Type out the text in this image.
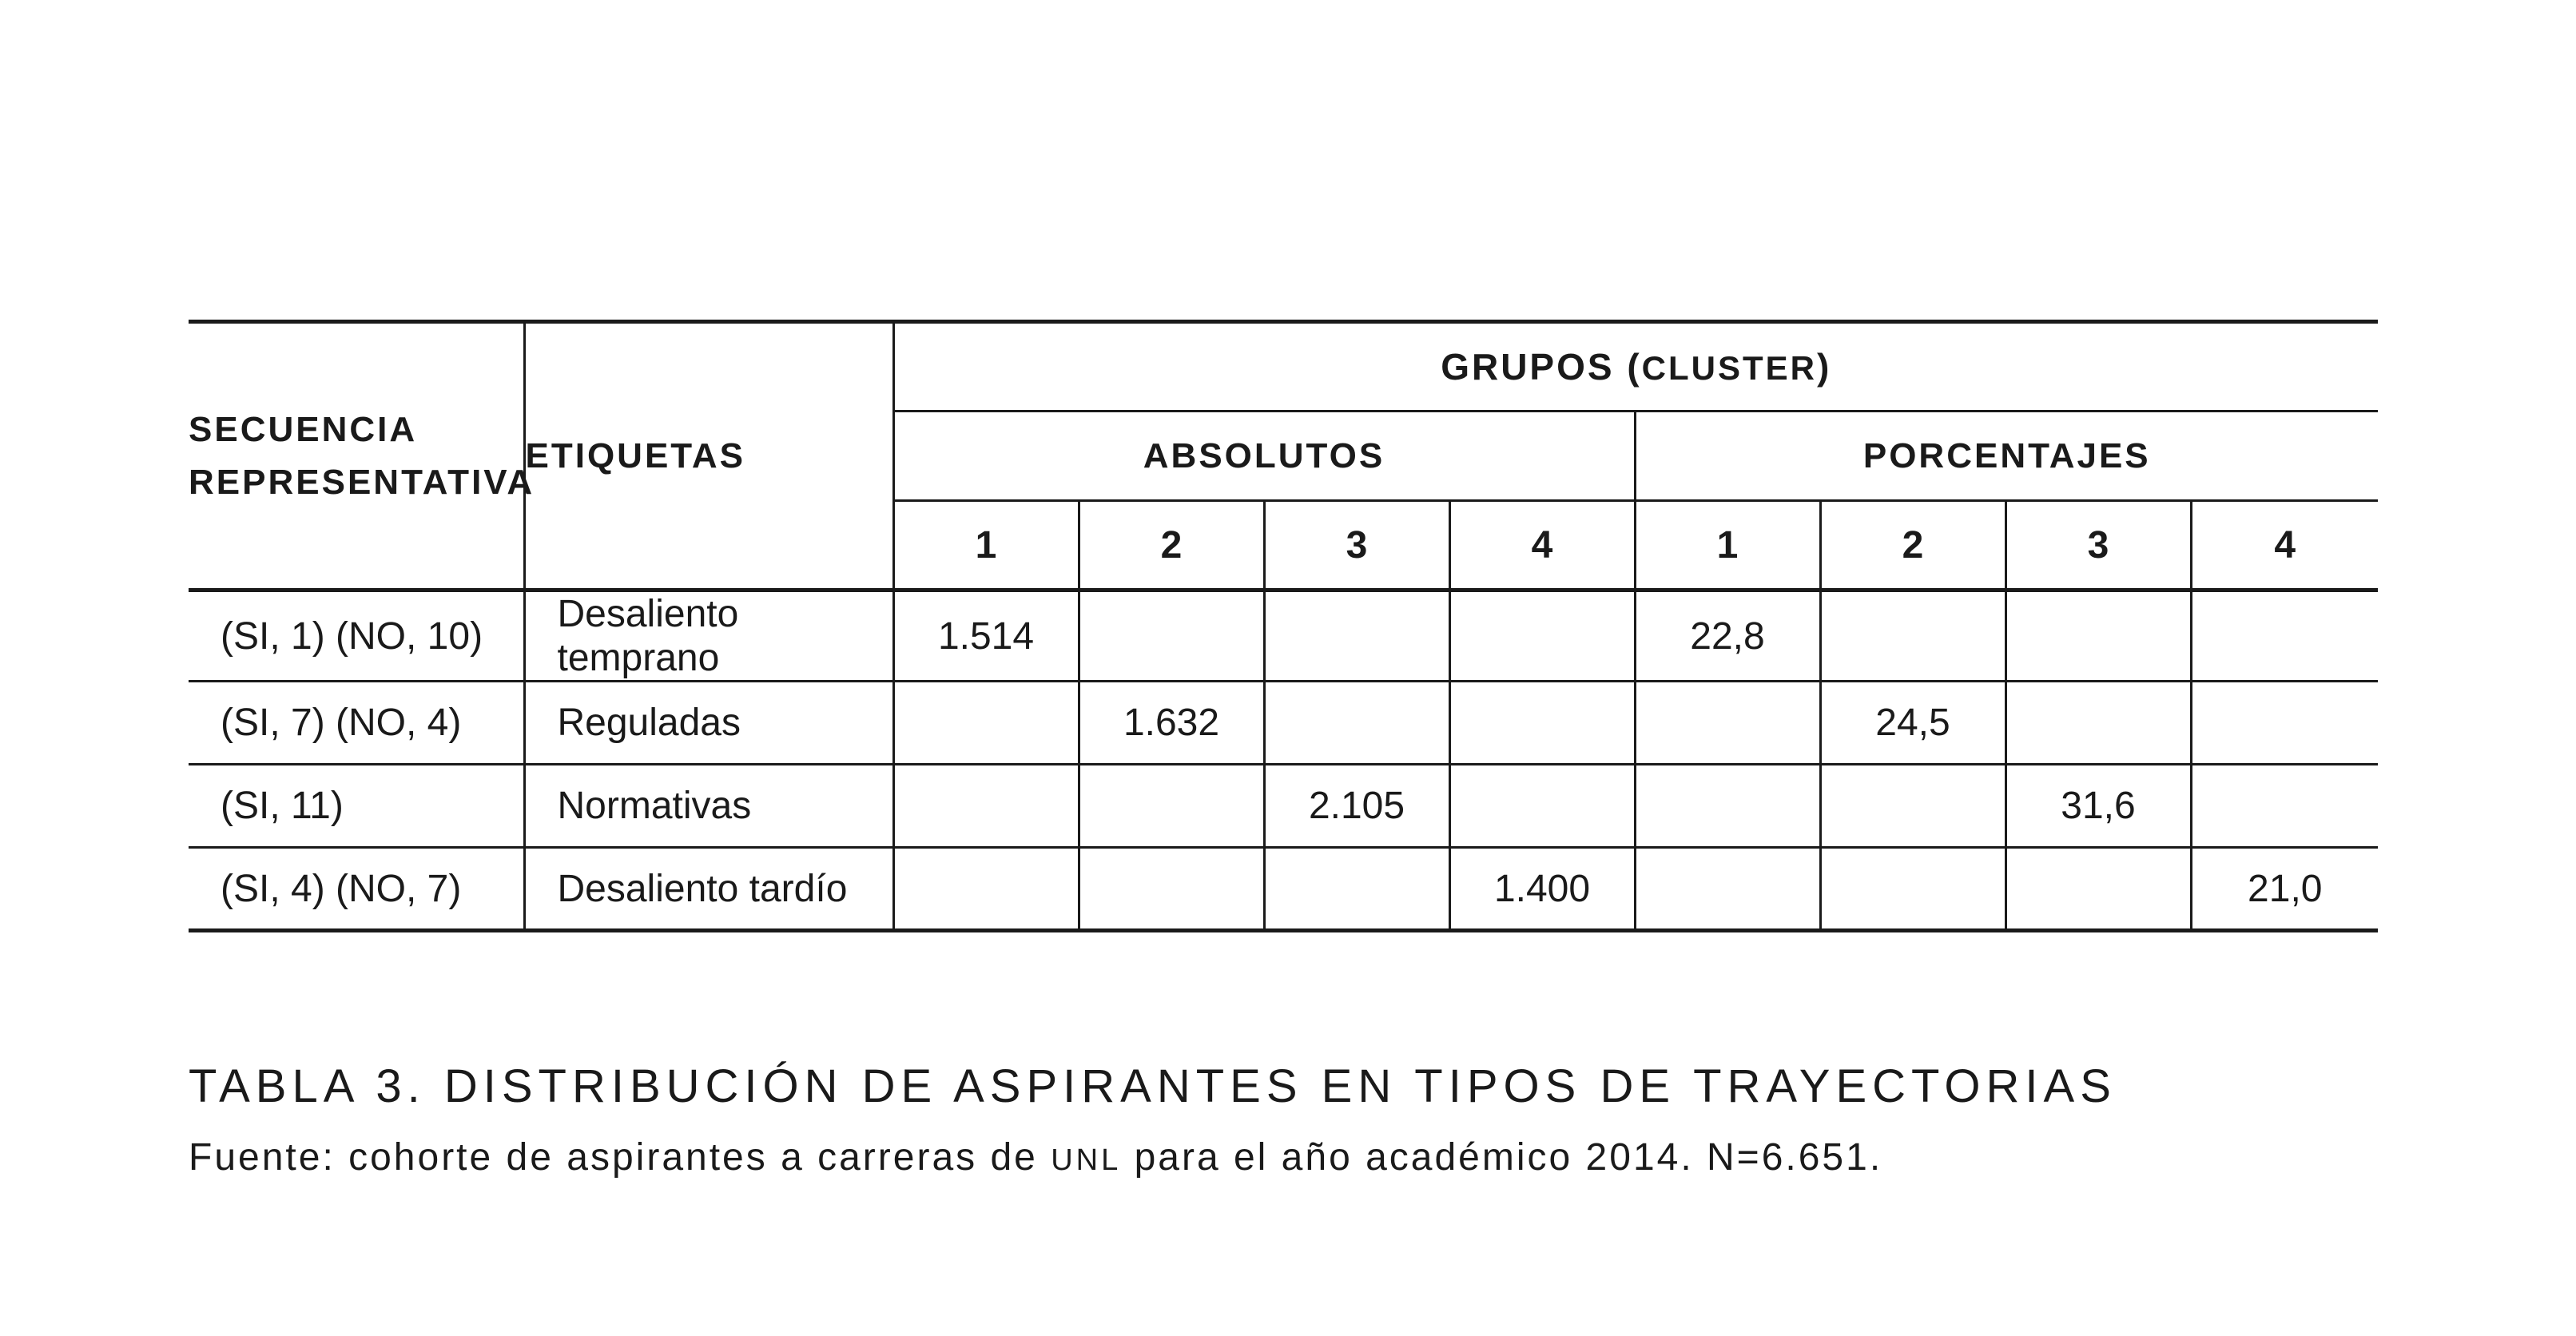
SECUENCIA
REPRESENTATIVA	ETIQUETAS	GRUPOS (CLUSTER)							
		ABSOLUTOS				PORCENTAJES			
		1	2	3	4	1	2	3	4
(SI, 1) (NO, 10)	Desaliento temprano	1.514				22,8			
(SI, 7) (NO, 4)	Reguladas		1.632				24,5		
(SI, 11)	Normativas			2.105				31,6	
(SI, 4) (NO, 7)	Desaliento tardío				1.400				21,0
TABLA 3. DISTRIBUCIÓN DE ASPIRANTES EN TIPOS DE TRAYECTORIAS
Fuente: cohorte de aspirantes a carreras de UNL para el año académico 2014. N=6.651.
